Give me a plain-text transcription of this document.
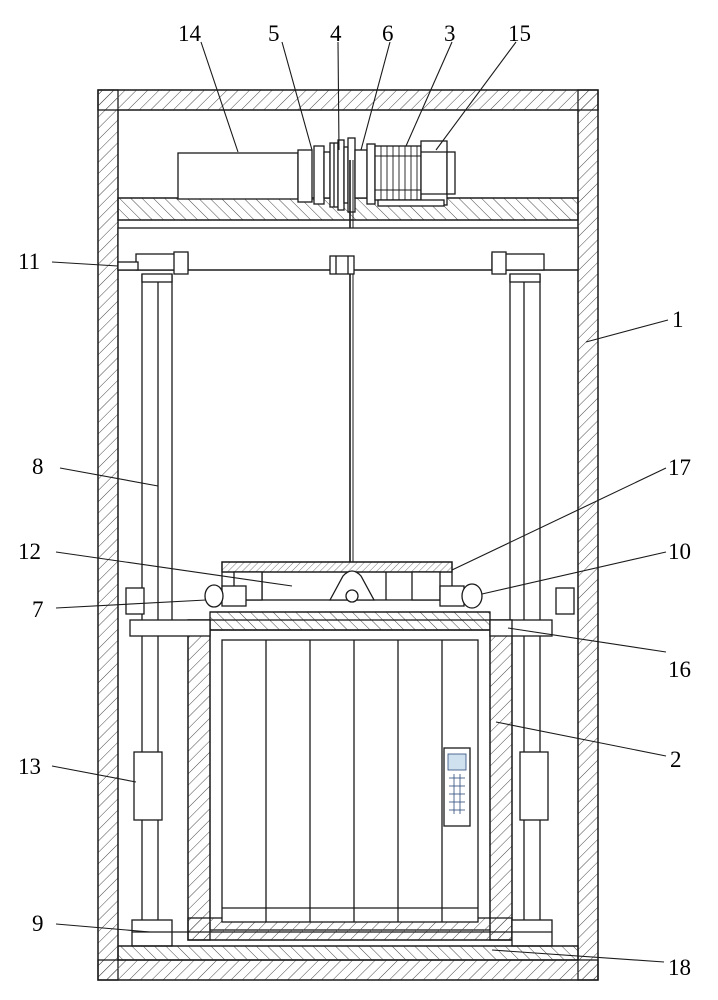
14	5 4 6 3 15
11
1
8	17
12	10
7
16
13	2
9
18
